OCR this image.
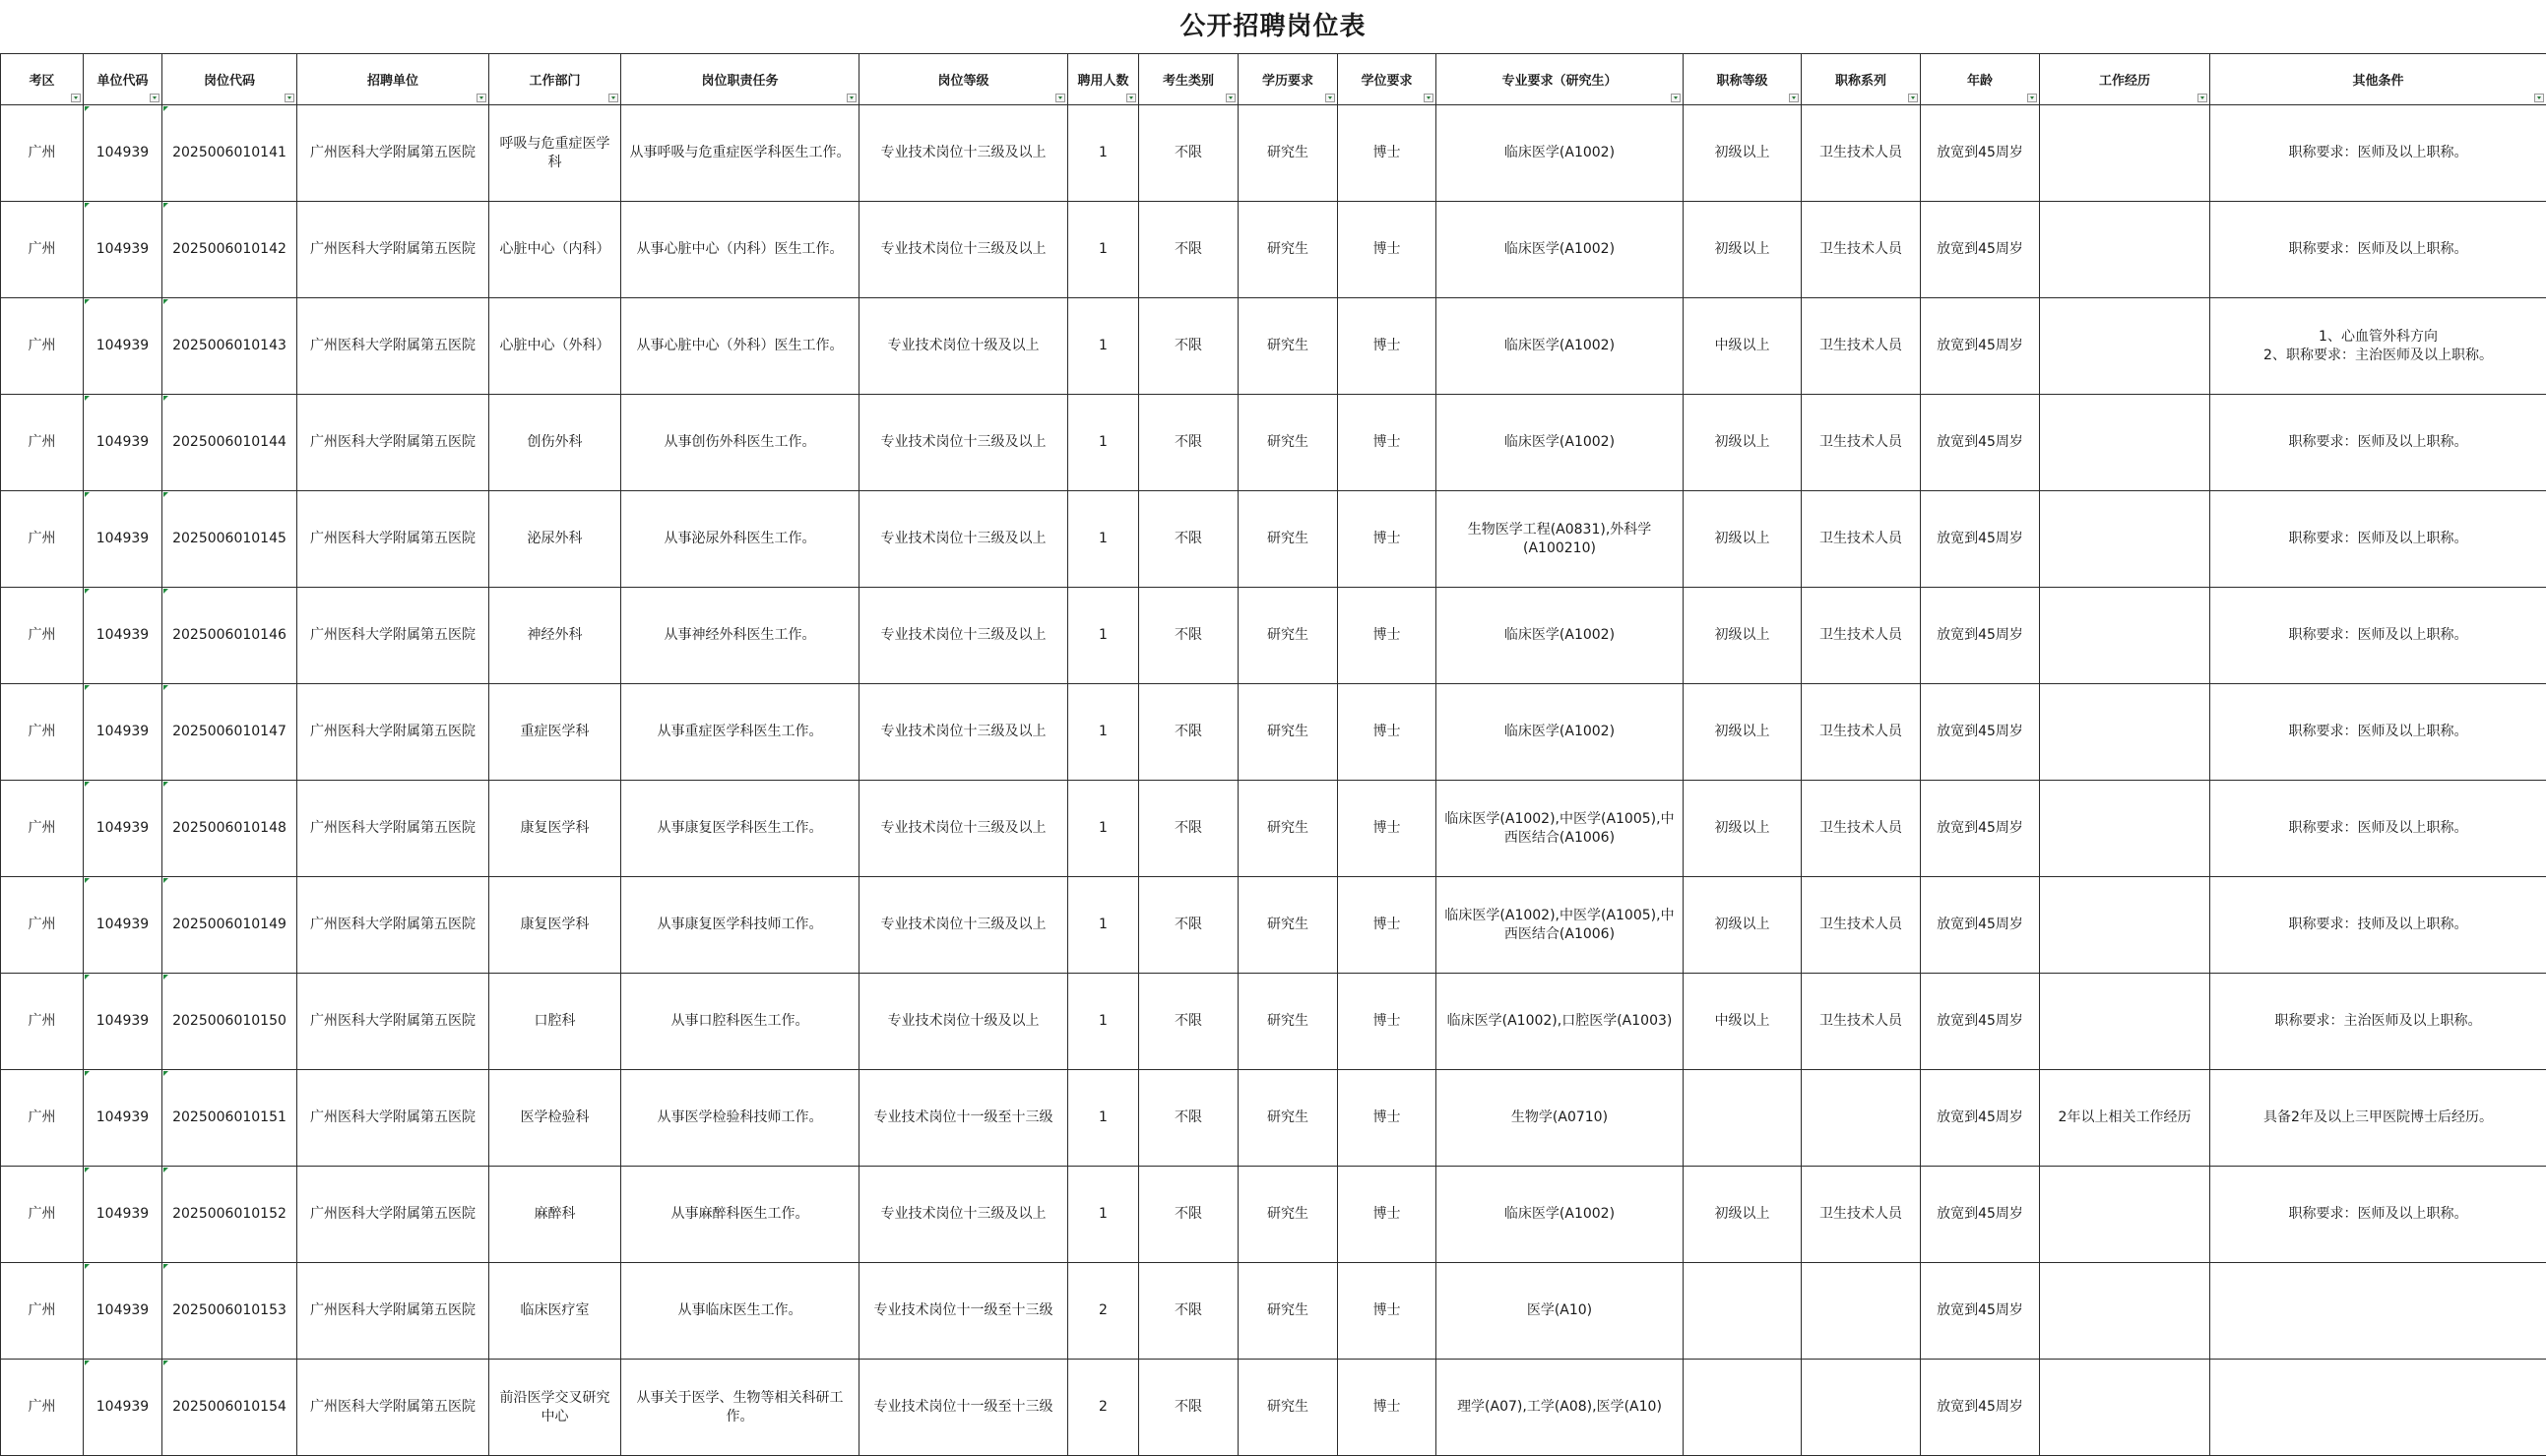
公开招聘岗位表
考区	单位代码	岗位代码	招聘单位	工作部门	岗位职责任务	岗位等级	聘用人数	考生类别	学历要求	学位要求	专业要求（研究生）	职称等级	职称系列	年龄	工作经历	其他条件

广州	104939	2025006010141	广州医科大学附属第五医院	呼吸与危重症医学科	从事呼吸与危重症医学科医生工作。	专业技术岗位十三级及以上	1	不限	研究生	博士	临床医学(A1002)	初级以上	卫生技术人员	放宽到45周岁		职称要求：医师及以上职称。
广州	104939	2025006010142	广州医科大学附属第五医院	心脏中心（内科）	从事心脏中心（内科）医生工作。	专业技术岗位十三级及以上	1	不限	研究生	博士	临床医学(A1002)	初级以上	卫生技术人员	放宽到45周岁		职称要求：医师及以上职称。
广州	104939	2025006010143	广州医科大学附属第五医院	心脏中心（外科）	从事心脏中心（外科）医生工作。	专业技术岗位十级及以上	1	不限	研究生	博士	临床医学(A1002)	中级以上	卫生技术人员	放宽到45周岁		1、心血管外科方向
2、职称要求：主治医师及以上职称。
广州	104939	2025006010144	广州医科大学附属第五医院	创伤外科	从事创伤外科医生工作。	专业技术岗位十三级及以上	1	不限	研究生	博士	临床医学(A1002)	初级以上	卫生技术人员	放宽到45周岁		职称要求：医师及以上职称。
广州	104939	2025006010145	广州医科大学附属第五医院	泌尿外科	从事泌尿外科医生工作。	专业技术岗位十三级及以上	1	不限	研究生	博士	生物医学工程(A0831),外科学(A100210)	初级以上	卫生技术人员	放宽到45周岁		职称要求：医师及以上职称。
广州	104939	2025006010146	广州医科大学附属第五医院	神经外科	从事神经外科医生工作。	专业技术岗位十三级及以上	1	不限	研究生	博士	临床医学(A1002)	初级以上	卫生技术人员	放宽到45周岁		职称要求：医师及以上职称。
广州	104939	2025006010147	广州医科大学附属第五医院	重症医学科	从事重症医学科医生工作。	专业技术岗位十三级及以上	1	不限	研究生	博士	临床医学(A1002)	初级以上	卫生技术人员	放宽到45周岁		职称要求：医师及以上职称。
广州	104939	2025006010148	广州医科大学附属第五医院	康复医学科	从事康复医学科医生工作。	专业技术岗位十三级及以上	1	不限	研究生	博士	临床医学(A1002),中医学(A1005),中西医结合(A1006)	初级以上	卫生技术人员	放宽到45周岁		职称要求：医师及以上职称。
广州	104939	2025006010149	广州医科大学附属第五医院	康复医学科	从事康复医学科技师工作。	专业技术岗位十三级及以上	1	不限	研究生	博士	临床医学(A1002),中医学(A1005),中西医结合(A1006)	初级以上	卫生技术人员	放宽到45周岁		职称要求：技师及以上职称。
广州	104939	2025006010150	广州医科大学附属第五医院	口腔科	从事口腔科医生工作。	专业技术岗位十级及以上	1	不限	研究生	博士	临床医学(A1002),口腔医学(A1003)	中级以上	卫生技术人员	放宽到45周岁		职称要求：主治医师及以上职称。
广州	104939	2025006010151	广州医科大学附属第五医院	医学检验科	从事医学检验科技师工作。	专业技术岗位十一级至十三级	1	不限	研究生	博士	生物学(A0710)			放宽到45周岁	2年以上相关工作经历	具备2年及以上三甲医院博士后经历。
广州	104939	2025006010152	广州医科大学附属第五医院	麻醉科	从事麻醉科医生工作。	专业技术岗位十三级及以上	1	不限	研究生	博士	临床医学(A1002)	初级以上	卫生技术人员	放宽到45周岁		职称要求：医师及以上职称。
广州	104939	2025006010153	广州医科大学附属第五医院	临床医疗室	从事临床医生工作。	专业技术岗位十一级至十三级	2	不限	研究生	博士	医学(A10)			放宽到45周岁		
广州	104939	2025006010154	广州医科大学附属第五医院	前沿医学交叉研究中心	从事关于医学、生物等相关科研工作。	专业技术岗位十一级至十三级	2	不限	研究生	博士	理学(A07),工学(A08),医学(A10)			放宽到45周岁		
